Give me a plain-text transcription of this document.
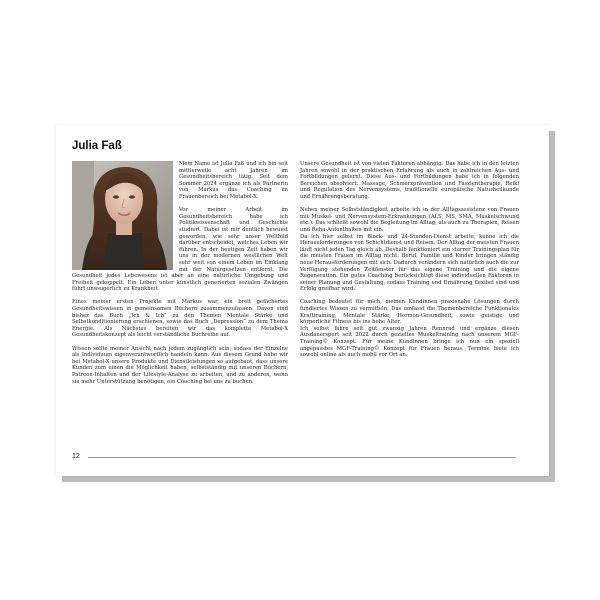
Julia Faß

Mein Name ist Julia Faß und ich bin seit mittlerweile acht Jahren im Gesundheitsbereich tätig. Seit dem Sommer 2024 ergänze ich als Partnerin von Markus das Coaching im Frauenbereich bei Metabol-X.

Vor meiner Arbeit im Gesundheitsbereich habe ich Politikwissenschaft und Geschichte studiert. Dabei ist mir deutlich bewusst geworden, wie sehr unser Weltbild darüber entscheidet, welches Leben wir führen. In der heutigen Zeit haben wir uns in der modernen westlichen Welt sehr weit von einem Leben im Einklang mit der Naturgesetzen entfernt. Die Gesundheit jedes Lebewesens ist aber an eine natürliche Umgebung und Freiheit gekoppelt. Ein Leben unter künstlich generierten sozialen Zwängen führt unweigerlich zu Krankheit.

Eines meiner ersten Projekte mit Markus war, ein breit gefächertes Gesundheitswissen in gemeinsamen Büchern zusammenzufassen. Davon sind bisher das Buch „Ich & Ich“ zu den Themen Mentale Stärke und Selbstkonditionierung erschienen, sowie das Buch „Depression“ zu dem Thema Energie. Als Nächstes bereiten wir das komplette Metabol-X Gesundheitskonzept als leicht verständliche Buchreihe auf.

Wissen sollte meiner Ansicht nach jedem zugänglich sein, sodass der Einzelne als Individuum eigenverantwortlich handeln kann. Aus diesem Grund habe wir bei Metabol-X unsere Produkte und Dienstleistungen so aufgebaut, dass unsere Kunden zum einen die Möglichkeit haben, selbstständig mit unseren Büchern, Patreon-Inhalten und der Lifestyle-Analyse zu arbeiten, und zu anderen, wenn sie mehr Unterstützung benötigen, ein Coaching bei uns zu buchen.

Unsere Gesundheit ist von vielen Faktoren abhängig. Das habe ich in den letzten Jahren sowohl in der praktischen Erfahrung als auch in zahlreichen Aus- und Fortbildungen gelernt. Diese Aus- und Fortbildungen habe ich in folgenden Bereichen absolviert: Massage, Schmerzprävention und Faszientherapie, Reiki und Regulation des Nervensystems, traditionelle europäische Naturheilkunde und Ernährungsberatung.

Neben meiner Selbstständigkeit arbeite ich in der Alltagsassistenz von Frauen mit Muskel- und Nervensystem-Erkrankungen (ALS, MS, SMA, Muskelschwund etc.). Das schließt sowohl die Begleitung im Alltag, als auch zu Therapien, Reisen und Reha-Aufenthalten mit ein.

Da ich hier selbst im Block- und 24-Stunden-Dienst arbeite, kenne ich die Herausforderungen von Schichtdienst und Reisen. Der Alltag der meisten Frauen läuft nicht jeden Tag gleich ab. Deshalb funktioniert ein starrer Trainingsplan für die meisten Frauen im Alltag nicht. Beruf, Familie und Kinder bringen ständig neue Herausforderungen mit sich. Dadurch verändern sich natürlich auch die zur Verfügung stehenden Zeitfenster für das eigene Training und die eigene Regeneration. Ein gutes Coaching berücksichtigt diese individuellen Faktoren in seiner Planung und Gestaltung, sodass Training und Ernährung flexibel sind und Erfolg greifbar wird.

Coaching bedeutet für mich, meinen Kundinnen praxisnahe Lösungen durch fundiertes Wissen zu vermitteln. Das umfasst die Themenbereiche Funktionales Krafttraining, Mentale Stärke, Hormon-Gesundheit, sowie geistige und körperliche Fitness bis ins hohe Alter.

Ich selbst fahre seit gut zwanzig Jahren Rennrad und ergänze diesen Ausdauersport seit 2022 durch gezieltes Muskeltraining nach unserem MGF-Training© Konzept. Für meine Kundinnen bringe ich nun ein speziell angepasstes MGF-Training© Konzept für Frauen heraus. Termine biete ich sowohl online als auch mobil vor Ort an.

12
